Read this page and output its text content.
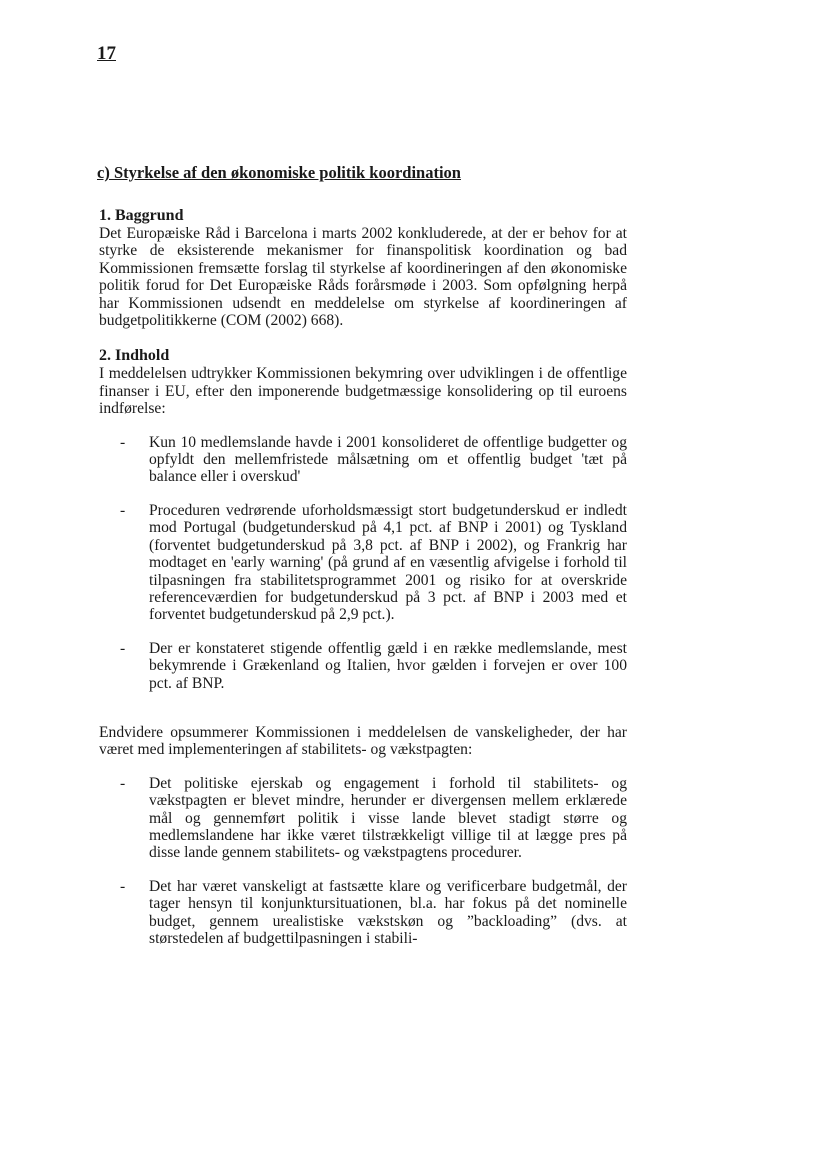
17
c) Styrkelse af den økonomiske politik koordination
1. Baggrund

Det Europæiske Råd i Barcelona i marts 2002 konkluderede, at der er behov for at styrke de eksisterende mekanismer for finanspolitisk koordination og bad Kommissionen fremsætte forslag til styrkelse af koordineringen af den økonomiske politik forud for Det Europæiske Råds forårsmøde i 2003. Som opfølgning herpå har Kommissionen udsendt en meddelelse om styrkelse af koordineringen af budgetpolitikkerne (COM (2002) 668).

2. Indhold

I meddelelsen udtrykker Kommissionen bekymring over udviklingen i de offentlige finanser i EU, efter den imponerende budgetmæssige konsolidering op til euroens indførelse:

- Kun 10 medlemslande havde i 2001 konsolideret de offentlige budgetter og opfyldt den mellemfristede målsætning om et offentlig budget 'tæt på balance eller i overskud'
- Proceduren vedrørende uforholdsmæssigt stort budgetunderskud er indledt mod Portugal (budgetunderskud på 4,1 pct. af BNP i 2001) og Tyskland (forventet budgetunderskud på 3,8 pct. af BNP i 2002), og Frankrig har modtaget en 'early warning' (på grund af en væsentlig afvigelse i forhold til tilpasningen fra stabilitetsprogrammet 2001 og risiko for at overskride referenceværdien for budgetunderskud på 3 pct. af BNP i 2003 med et forventet budgetunderskud på 2,9 pct.).
- Der er konstateret stigende offentlig gæld i en række medlemslande, mest bekymrende i Grækenland og Italien, hvor gælden i forvejen er over 100 pct. af BNP.

Endvidere opsummerer Kommissionen i meddelelsen de vanskeligheder, der har været med implementeringen af stabilitets- og vækstpagten:

- Det politiske ejerskab og engagement i forhold til stabilitets- og vækstpagten er blevet mindre, herunder er divergensen mellem erklærede mål og gennemført politik i visse lande blevet stadigt større og medlemslandene har ikke været tilstrækkeligt villige til at lægge pres på disse lande gennem stabilitets- og vækstpagtens procedurer.
- Det har været vanskeligt at fastsætte klare og verificerbare budgetmål, der tager hensyn til konjunktursituationen, bl.a. har fokus på det nominelle budget, gennem urealistiske vækstskøn og ”backloading” (dvs. at størstedelen af budgettilpasningen i stabili-
